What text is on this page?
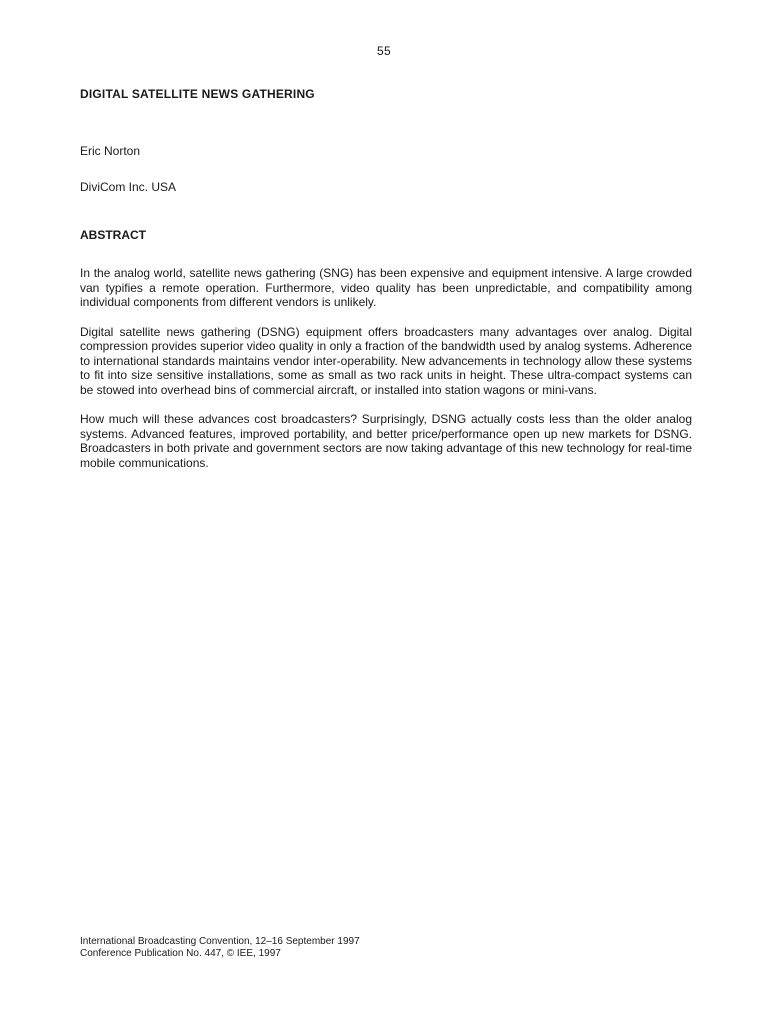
55
DIGITAL SATELLITE NEWS GATHERING
Eric Norton
DiviCom Inc. USA
ABSTRACT

In the analog world, satellite news gathering (SNG) has been expensive and equipment intensive. A large crowded van typifies a remote operation. Furthermore, video quality has been unpredictable, and compatibility among individual components from different vendors is unlikely.

Digital satellite news gathering (DSNG) equipment offers broadcasters many advantages over analog. Digital compression provides superior video quality in only a fraction of the bandwidth used by analog systems. Adherence to international standards maintains vendor inter-operability. New advancements in technology allow these systems to fit into size sensitive installations, some as small as two rack units in height. These ultra-compact systems can be stowed into overhead bins of commercial aircraft, or installed into station wagons or mini-vans.

How much will these advances cost broadcasters? Surprisingly, DSNG actually costs less than the older analog systems. Advanced features, improved portability, and better price/performance open up new markets for DSNG. Broadcasters in both private and government sectors are now taking advantage of this new technology for real-time mobile communications.

International Broadcasting Convention, 12–16 September 1997
Conference Publication No. 447, © IEE, 1997
